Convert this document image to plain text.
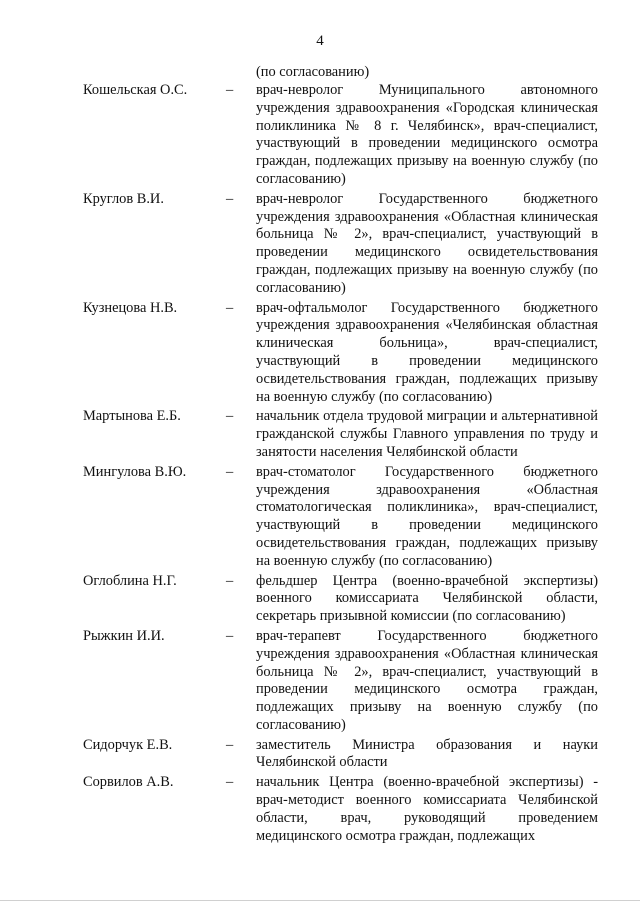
4
(по согласованию)
Кошельская О.С.	– врач-невролог Муниципального автономного учреждения здравоохранения «Городская клиническая поликлиника № 8 г. Челябинск», врач-специалист, участвующий в проведении медицинского осмотра граждан, подлежащих призыву на военную службу (по согласованию)
Круглов В.И.	– врач-невролог Государственного бюджетного учреждения здравоохранения «Областная клиническая больница № 2», врач-специалист, участвующий в проведении медицинского освидетельствования граждан, подлежащих призыву на военную службу (по согласованию)
Кузнецова Н.В.	– врач-офтальмолог Государственного бюджетного учреждения здравоохранения «Челябинская областная клиническая больница», врач-специалист, участвующий в проведении медицинского освидетельствования граждан, подлежащих призыву на военную службу (по согласованию)
Мартынова Е.Б.	– начальник отдела трудовой миграции и альтернативной гражданской службы Главного управления по труду и занятости населения Челябинской области
Мингулова В.Ю.	– врач-стоматолог Государственного бюджетного учреждения здравоохранения «Областная стоматологическая поликлиника», врач-специалист, участвующий в проведении медицинского освидетельствования граждан, подлежащих призыву на военную службу (по согласованию)
Оглоблина Н.Г.	– фельдшер Центра (военно-врачебной экспертизы) военного комиссариата Челябинской области, секретарь призывной комиссии (по согласованию)
Рыжкин И.И.	– врач-терапевт Государственного бюджетного учреждения здравоохранения «Областная клиническая больница № 2», врач-специалист, участвующий в проведении медицинского осмотра граждан, подлежащих призыву на военную службу (по согласованию)
Сидорчук Е.В.	– заместитель Министра образования и науки Челябинской области
Сорвилов А.В.	– начальник Центра (военно-врачебной экспертизы) - врач-методист военного комиссариата Челябинской области, врач, руководящий проведением медицинского осмотра граждан, подлежащих
